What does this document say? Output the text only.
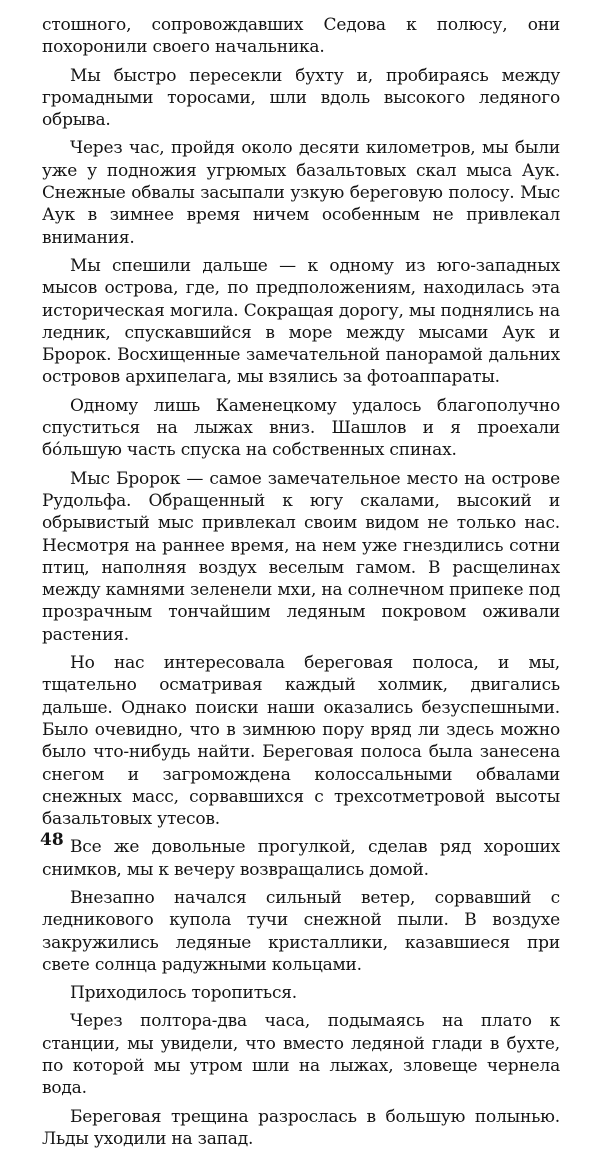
стошного, сопровождавших Седова к полюсу, они похоронили своего начальника.

Мы быстро пересекли бухту и, пробираясь между громадными торосами, шли вдоль высокого ледяного обрыва.

Через час, пройдя около десяти километров, мы были уже у подножия угрюмых базальтовых скал мыса Аук. Снежные обвалы засыпали узкую береговую полосу. Мыс Аук в зимнее время ничем особенным не привлекал внимания.

Мы спешили дальше — к одному из юго-западных мысов острова, где, по предположениям, находилась эта историческая могила. Сокращая дорогу, мы поднялись на ледник, спускавшийся в море между мысами Аук и Бророк. Восхищенные замечательной панорамой дальних островов архипелага, мы взялись за фотоаппараты.

Одному лишь Каменецкому удалось благополучно спуститься на лыжах вниз. Шашлов и я проехали бо́льшую часть спуска на собственных спинах.

Мыс Бророк — самое замечательное место на острове Рудольфа. Обращенный к югу скалами, высокий и обрывистый мыс привлекал своим видом не только нас. Несмотря на раннее время, на нем уже гнездились сотни птиц, наполняя воздух веселым гамом. В расщелинах между камнями зеленели мхи, на солнечном припеке под прозрачным тончайшим ледяным покровом оживали растения.

Но нас интересовала береговая полоса, и мы, тщательно осматривая каждый холмик, двигались дальше. Однако поиски наши оказались безуспешными. Было очевидно, что в зимнюю пору вряд ли здесь можно было что-нибудь найти. Береговая полоса была занесена снегом и загромождена колоссальными обвалами снежных масс, сорвавшихся с трехсотметровой высоты базальтовых утесов.

Все же довольные прогулкой, сделав ряд хороших снимков, мы к вечеру возвращались домой.

Внезапно начался сильный ветер, сорвавший с ледникового купола тучи снежной пыли. В воздухе закружились ледяные кристаллики, казавшиеся при свете солнца радужными кольцами.

Приходилось торопиться.

Через полтора-два часа, подымаясь на плато к станции, мы увидели, что вместо ледяной глади в бухте, по которой мы утром шли на лыжах, зловеще чернела вода.

Береговая трещина разрослась в большую полынью. Льды уходили на запад.

48
